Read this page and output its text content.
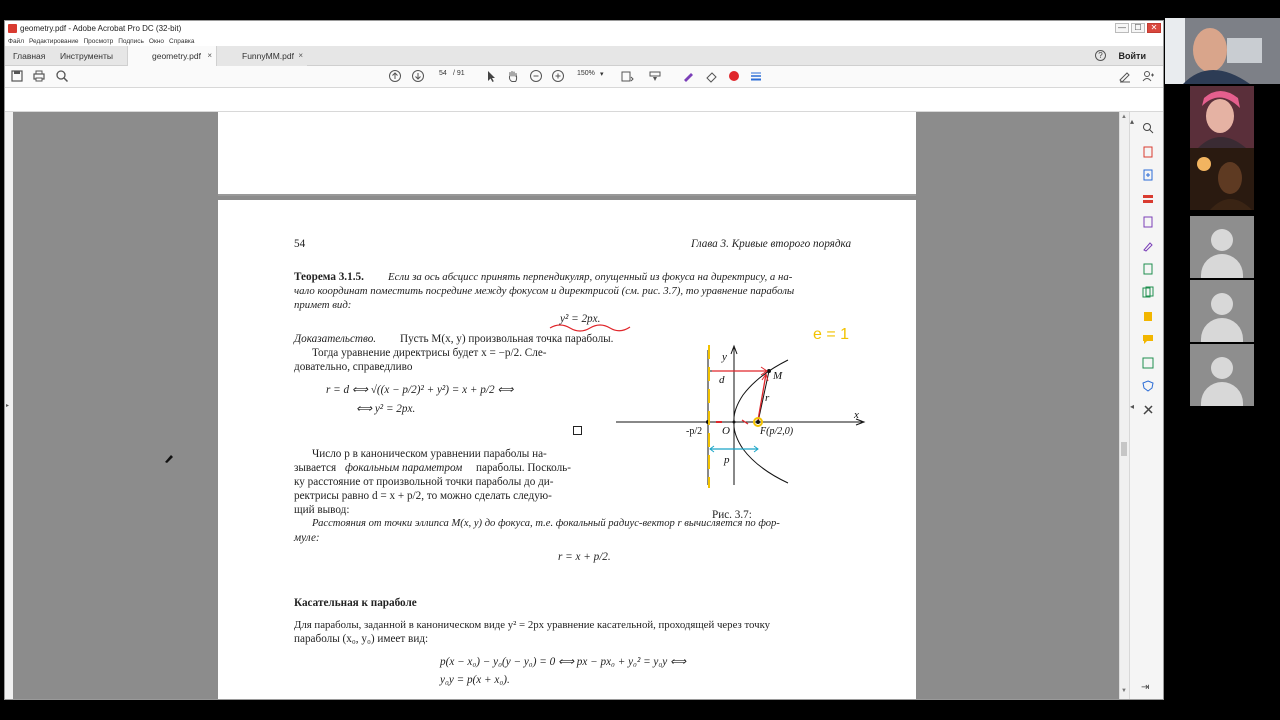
geometry.pdf - Adobe Acrobat Pro DC (32-bit)	—	☐	✕
Файл Редактирование Просмотр Подпись Окно Справка
Главная Инструменты	geometry.pdf ×	FunnyMM.pdf ×	?	Войти
54 / 91	150% ▾
▸
54	Глава 3. Кривые второго порядка
Теорема 3.1.5. Если за ось абсцисс принять перпендикуляр, опущенный из фокуса на директрису, а на-
чало координат поместить посредине между фокусом и директрисой (см. рис. 3.7), то уравнение параболы
примет вид:
y² = 2px.
Доказательство. Пусть M(x, y) произвольная точка параболы.
Тогда уравнение директрисы будет x = −p/2. Сле-
довательно, справедливо
r = d ⟺ √((x − p/2)² + y²) = x + p/2 ⟺
⟺ y² = 2px.
Число p в каноническом уравнении параболы на-
зывается фокальным параметром параболы. Посколь-
ку расстояние от произвольной точки параболы до ди-
ректрисы равно d = x + p/2, то можно сделать следую-
щий вывод:
Расстояния от точки эллипса M(x, y) до фокуса, т.е. фокальный радиус-вектор r вычисляется по фор-
муле:
r = x + p/2.
Касательная к параболе
Для параболы, заданной в каноническом виде y² = 2px уравнение касательной, проходящей через точку
параболы (x₀, y₀) имеет вид:
p(x − x₀) − y₀(y − y₀) = 0 ⟺ px − px₀ + y₀² = y₀y ⟺
y₀y = p(x + x₀).
Рис. 3.7:
y
x
M
d
r
O
-p/2	F(p/2,0)
p
e = 1
▲
▼
▴
◂
⇥
